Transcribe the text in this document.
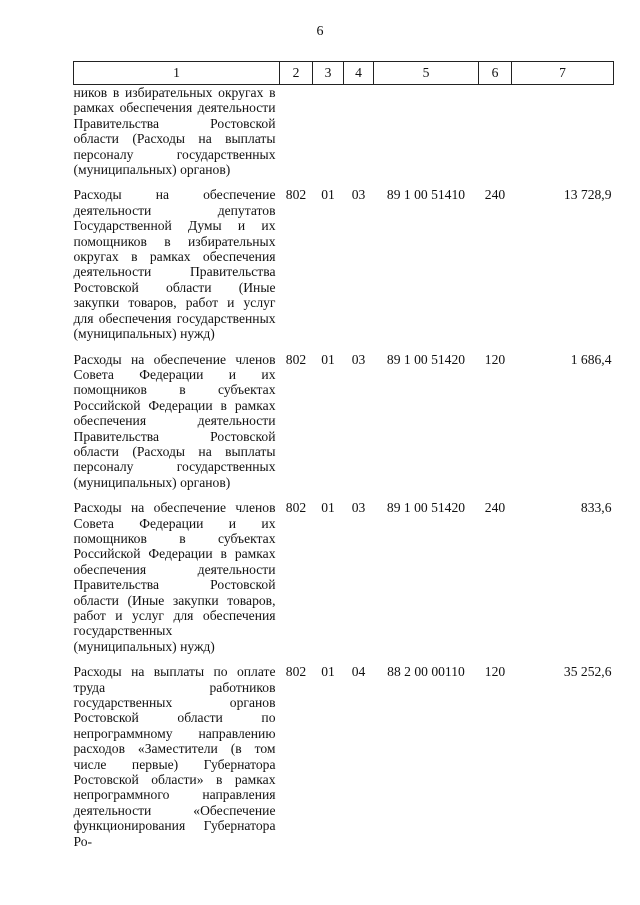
6
1	2	3	4	5	6	7
ников в избирательных округах в рамках обеспечения деятельности Правительства Ростовской области (Расходы на выплаты персоналу государственных (муниципальных) органов)						

Расходы на обеспечение деятельности депутатов Государственной Думы и их помощников в избирательных округах в рамках обеспечения деятельности Правительства Ростовской области (Иные закупки товаров, работ и услуг для обеспечения государственных (муниципальных) нужд)	802	01	03	89 1 00 51410	240	13 728,9

Расходы на обеспечение членов Совета Федерации и их помощников в субъектах Российской Федерации в рамках обеспечения деятельности Правительства Ростовской области (Расходы на выплаты персоналу государственных (муниципальных) органов)	802	01	03	89 1 00 51420	120	1 686,4

Расходы на обеспечение членов Совета Федерации и их помощников в субъектах Российской Федерации в рамках обеспечения деятельности Правительства Ростовской области (Иные закупки товаров, работ и услуг для обеспечения государственных (муниципальных) нужд)	802	01	03	89 1 00 51420	240	833,6

Расходы на выплаты по оплате труда работников государственных органов Ростовской области по непрограммному направлению расходов «Заместители (в том числе первые) Губернатора Ростовской области» в рамках непрограммного направления деятельности «Обеспечение функционирования Губернатора Ро-	802	01	04	88 2 00 00110	120	35 252,6
